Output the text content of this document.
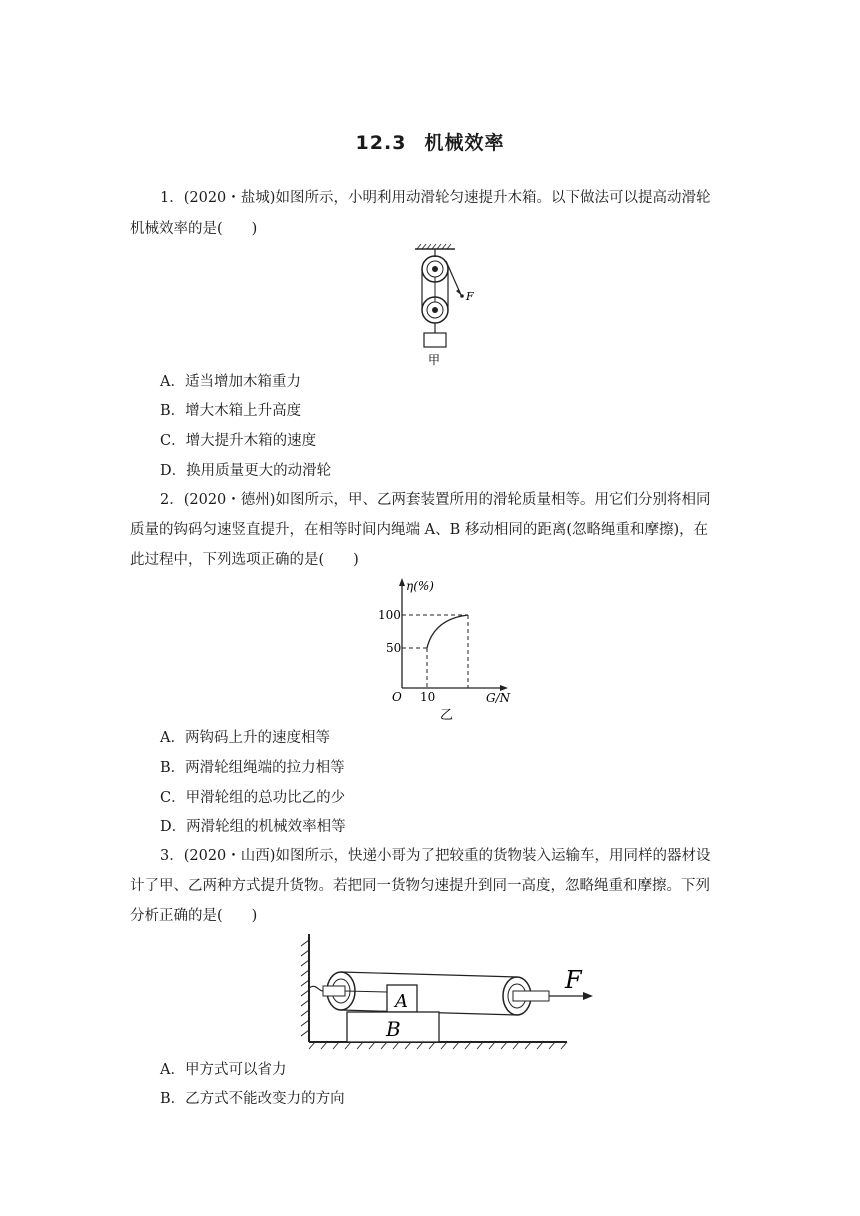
12.3 机械效率
1．(2020・盐城)如图所示，小明利用动滑轮匀速提升木箱。以下做法可以提高动滑轮
机械效率的是(　　)
F
甲
A．适当增加木箱重力
B．增大木箱上升高度
C．增大提升木箱的速度
D．换用质量更大的动滑轮
2．(2020・德州)如图所示，甲、乙两套装置所用的滑轮质量相等。用它们分别将相同
质量的钩码匀速竖直提升，在相等时间内绳端 A、B 移动相同的距离(忽略绳重和摩擦)，在
此过程中，下列选项正确的是(　　)
η(%)
G/N
O
100
50
10
乙
A．两钩码上升的速度相等
B．两滑轮组绳端的拉力相等
C．甲滑轮组的总功比乙的少
D．两滑轮组的机械效率相等
3．(2020・山西)如图所示，快递小哥为了把较重的货物装入运输车，用同样的器材设
计了甲、乙两种方式提升货物。若把同一货物匀速提升到同一高度，忽略绳重和摩擦。下列
分析正确的是(　　)
A
B
F
A．甲方式可以省力
B．乙方式不能改变力的方向
